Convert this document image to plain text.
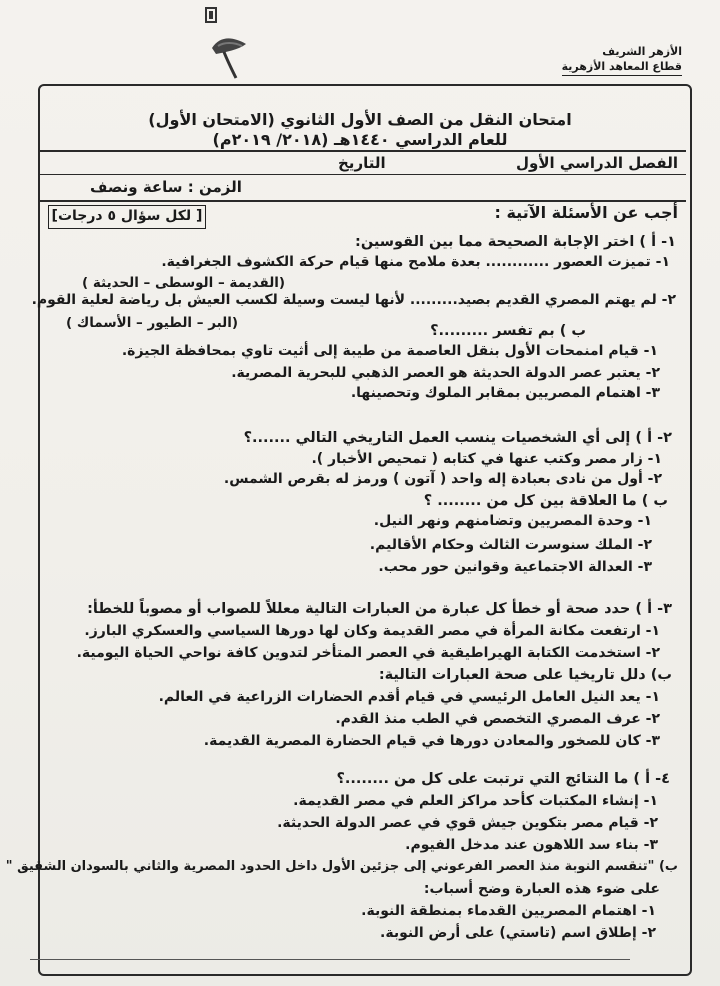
الأزهر الشريف
قطاع المعاهد الأزهرية
امتحان النقل من الصف الأول الثانوي (الامتحان الأول)
للعام الدراسي ١٤٤٠هـ (٢٠١٨/ ٢٠١٩م)
الفصل الدراسي الأول
التاريخ
الزمن : ساعة ونصف
أجب عن الأسئلة الآتية :
[ لكل سؤال ٥ درجات]
١- أ ) اختر الإجابة الصحيحة مما بين القوسين:
١- تميزت العصور ............ بعدة ملامح منها قيام حركة الكشوف الجغرافية.
(القديمة – الوسطى – الحديثة )
٢- لم يهتم المصري القديم بصيد......... لأنها ليست وسيلة لكسب العيش بل رياضة لعلية القوم.
(البر – الطيور – الأسماك )	ب ) بم تفسر .........؟
١- قيام امنمحات الأول بنقل العاصمة من طيبة إلى أثيت تاوي بمحافظة الجيزة.
٢- يعتبر عصر الدولة الحديثة هو العصر الذهبي للبحرية المصرية.
٣- اهتمام المصريين بمقابر الملوك وتحصينها.
٢- أ ) إلى أي الشخصيات ينسب العمل التاريخي التالي .......؟
١- زار مصر وكتب عنها في كتابه ( تمحيص الأخبار ).
٢- أول من نادى بعبادة إله واحد ( آتون ) ورمز له بقرص الشمس.
ب ) ما العلاقة بين كل من ........ ؟
١- وحدة المصريين وتضامنهم ونهر النيل.
٢- الملك سنوسرت الثالث وحكام الأقاليم.
٣- العدالة الاجتماعية وقوانين حور محب.
٣- أ ) حدد صحة أو خطأ كل عبارة من العبارات التالية معللاً للصواب أو مصوباً للخطأ:
١- ارتفعت مكانة المرأة في مصر القديمة وكان لها دورها السياسي والعسكري البارز.
٢- استخدمت الكتابة الهيراطيقية في العصر المتأخر لتدوين كافة نواحي الحياة اليومية.
ب) دلل تاريخيا على صحة العبارات التالية:
١- يعد النيل العامل الرئيسي في قيام أقدم الحضارات الزراعية في العالم.
٢- عرف المصري التخصص في الطب منذ القدم.
٣- كان للصخور والمعادن دورها في قيام الحضارة المصرية القديمة.
٤- أ ) ما النتائج التي ترتبت على كل من ........؟
١- إنشاء المكتبات كأحد مراكز العلم في مصر القديمة.
٢- قيام مصر بتكوين جيش قوي في عصر الدولة الحديثة.
٣- بناء سد اللاهون عند مدخل الفيوم.
ب) "تنقسم النوبة منذ العصر الفرعوني إلى جزئين الأول داخل الحدود المصرية والثاني بالسودان الشقيق "
على ضوء هذه العبارة وضح أسباب:
١- اهتمام المصريين القدماء بمنطقة النوبة.
٢- إطلاق اسم (تاستي) على أرض النوبة.
